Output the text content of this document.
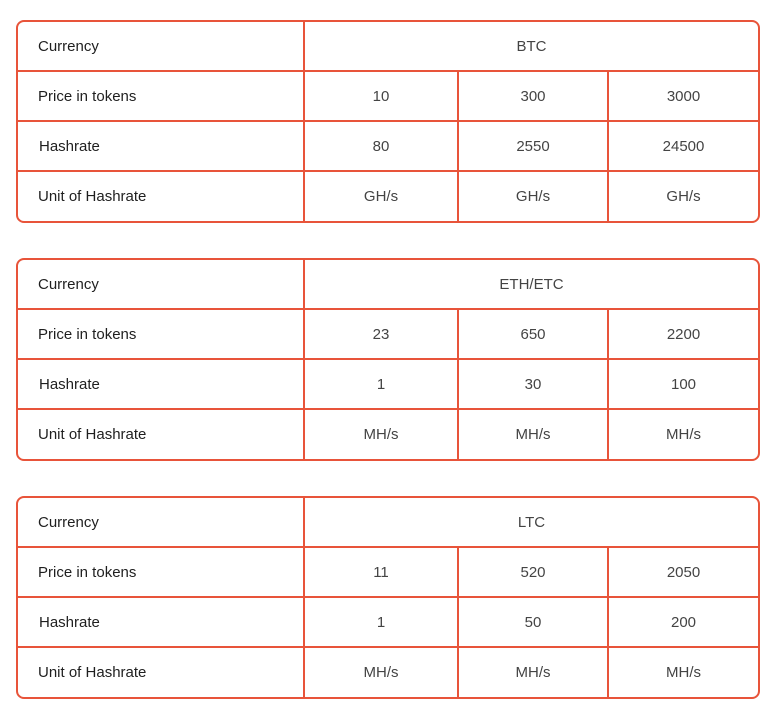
Currency	BTC
Price in tokens	10	300	3000
Hashrate	80	2550	24500
Unit of Hashrate	GH/s	GH/s	GH/s
Currency	ETH/ETC
Price in tokens	23	650	2200
Hashrate	1	30	100
Unit of Hashrate	MH/s	MH/s	MH/s
Currency	LTC
Price in tokens	11	520	2050
Hashrate	1	50	200
Unit of Hashrate	MH/s	MH/s	MH/s
